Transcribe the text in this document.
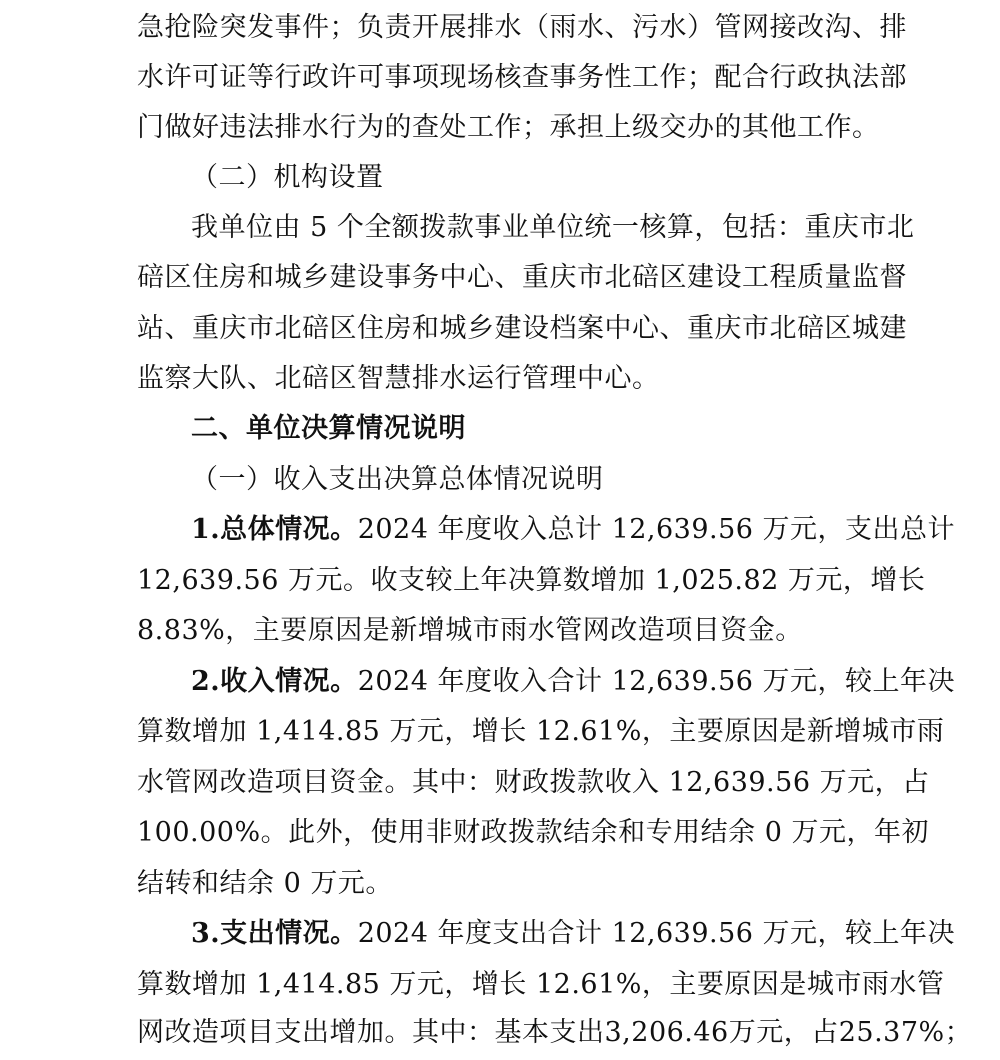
急抢险突发事件；负责开展排水（雨水、污水）管网接改沟、排
水许可证等行政许可事项现场核查事务性工作；配合行政执法部
门做好违法排水行为的查处工作；承担上级交办的其他工作。
（二）机构设置
我单位由 5 个全额拨款事业单位统一核算，包括：重庆市北
碚区住房和城乡建设事务中心、重庆市北碚区建设工程质量监督
站、重庆市北碚区住房和城乡建设档案中心、重庆市北碚区城建
监察大队、北碚区智慧排水运行管理中心。
二、单位决算情况说明
（一）收入支出决算总体情况说明
1.总体情况。2024 年度收入总计 12,639.56 万元，支出总计
12,639.56 万元。收支较上年决算数增加 1,025.82 万元，增长
8.83%，主要原因是新增城市雨水管网改造项目资金。
2.收入情况。2024 年度收入合计 12,639.56 万元，较上年决
算数增加 1,414.85 万元，增长 12.61%，主要原因是新增城市雨
水管网改造项目资金。其中：财政拨款收入 12,639.56 万元，占
100.00%。此外，使用非财政拨款结余和专用结余 0 万元，年初
结转和结余 0 万元。
3.支出情况。2024 年度支出合计 12,639.56 万元，较上年决
算数增加 1,414.85 万元，增长 12.61%，主要原因是城市雨水管
网改造项目支出增加。其中：基本支出3,206.46万元，占25.37%；
